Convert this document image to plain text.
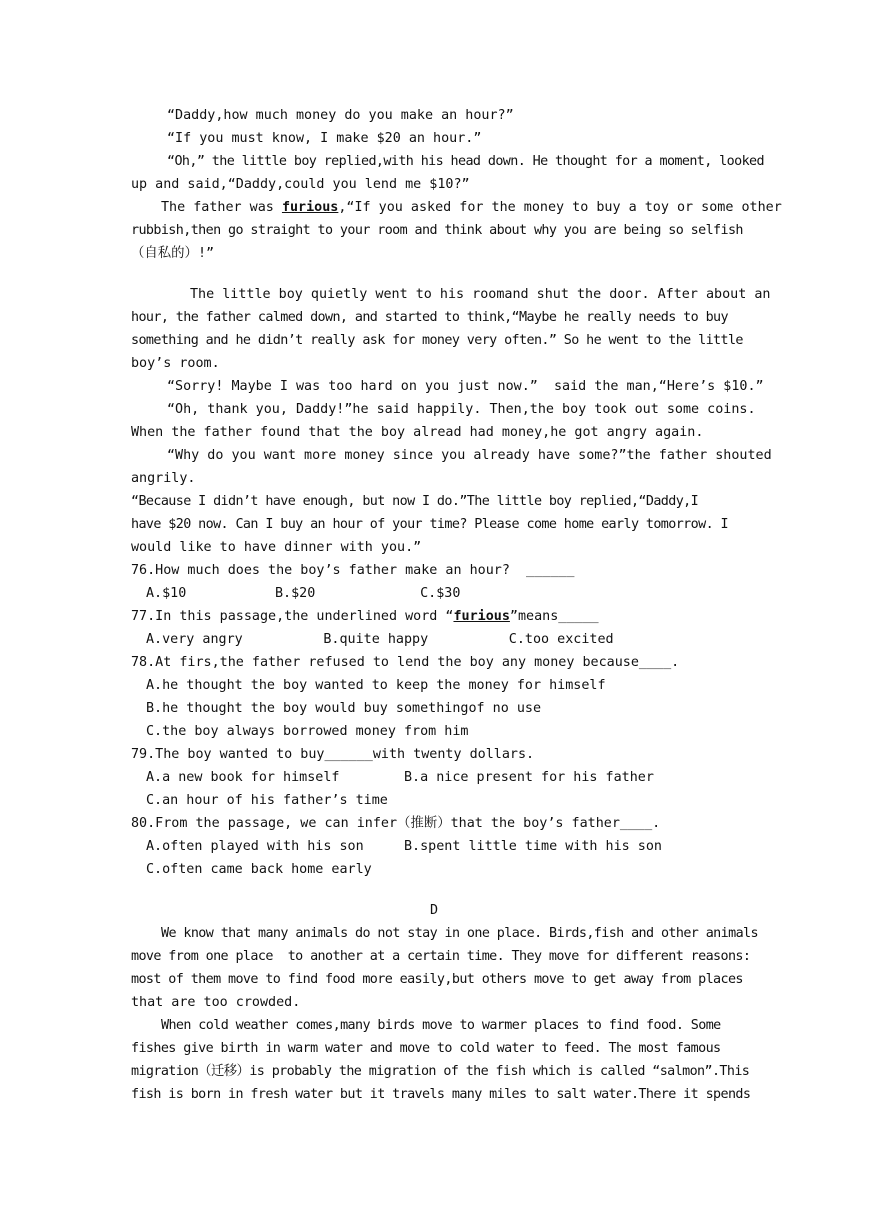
“Daddy,how much money do you make an hour?”
“If you must know, I make $20 an hour.”
“Oh,” the little boy replied,with his head down. He thought for a moment, looked
up and said,“Daddy,could you lend me $10?”
The father was furious,“If you asked for the money to buy a toy or some other
rubbish,then go straight to your room and think about why you are being so selfish
（自私的）!”
The little boy quietly went to his roomand shut the door. After about an
hour, the father calmed down, and started to think,“Maybe he really needs to buy
something and he didn’t really ask for money very often.” So he went to the little
boy’s room.
“Sorry! Maybe I was too hard on you just now.”  said the man,“Here’s $10.”
“Oh, thank you, Daddy!”he said happily. Then,the boy took out some coins.
When the father found that the boy alread had money,he got angry again.
“Why do you want more money since you already have some?”the father shouted
angrily.
“Because I didn’t have enough, but now I do.”The little boy replied,“Daddy,I
have $20 now. Can I buy an hour of your time? Please come home early tomorrow. I
would like to have dinner with you.”
76.How much does the boy’s father make an hour?  ______
A.$10           B.$20             C.$30
77.In this passage,the underlined word “furious”means_____
A.very angry          B.quite happy          C.too excited
78.At firs,the father refused to lend the boy any money because____.
A.he thought the boy wanted to keep the money for himself
B.he thought the boy would buy somethingof no use
C.the boy always borrowed money from him
79.The boy wanted to buy______with twenty dollars.
A.a new book for himself        B.a nice present for his father
C.an hour of his father’s time
80.From the passage, we can infer（推断）that the boy’s father____.
A.often played with his son     B.spent little time with his son
C.often came back home early
D
We know that many animals do not stay in one place. Birds,fish and other animals
move from one place  to another at a certain time. They move for different reasons:
most of them move to find food more easily,but others move to get away from places
that are too crowded.
When cold weather comes,many birds move to warmer places to find food. Some
fishes give birth in warm water and move to cold water to feed. The most famous
migration（迁移）is probably the migration of the fish which is called “salmon”.This
fish is born in fresh water but it travels many miles to salt water.There it spends
